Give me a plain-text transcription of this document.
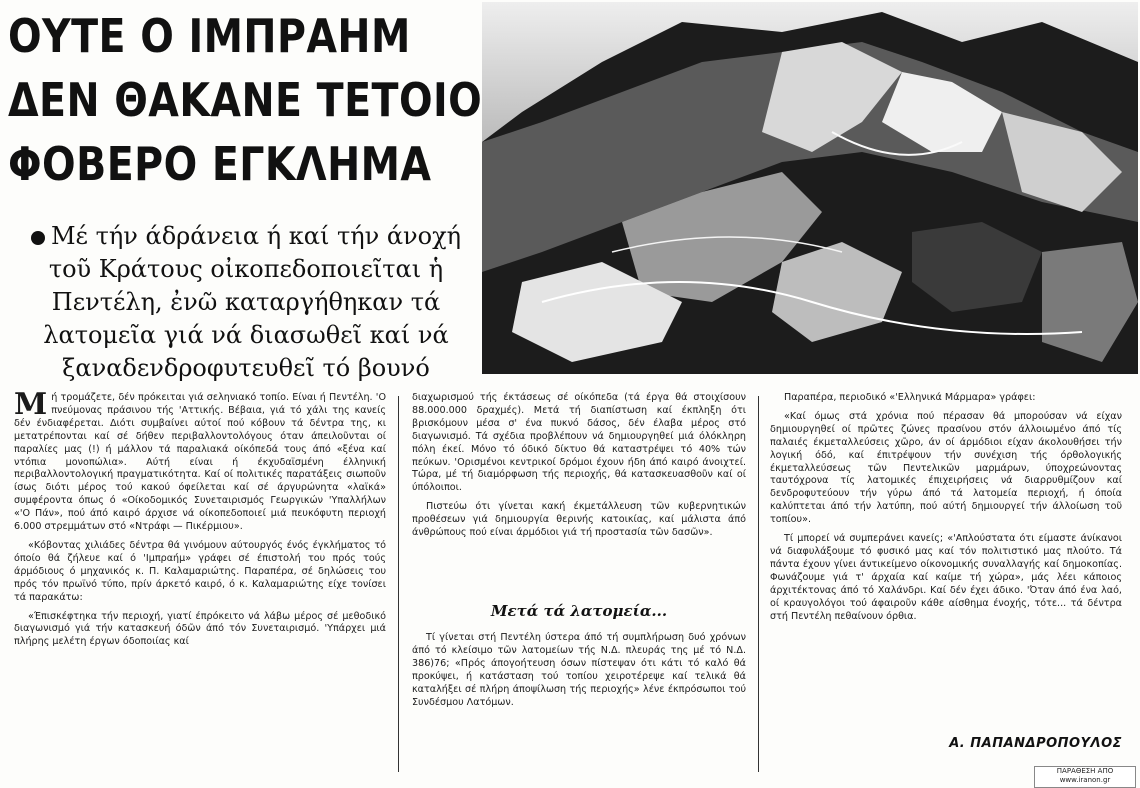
ΟΥΤΕ Ο ΙΜΠΡΑΗΜ
ΔΕΝ ΘΑΚΑΝΕ ΤΕΤΟΙΟ
ΦΟΒΕΡΟ ΕΓΚΛΗΜΑ
Μέ τήν άδράνεια ή καί τήν άνοχή τοῦ Κράτους οἰκοπεδοποιεῖται ἡ Πεντέλη, ἐνῶ καταργήθηκαν τά λατομεῖα γιά νά διασωθεῖ καί νά ξαναδενδροφυτευθεῖ τό βουνό

Μή τρομάζετε, δέν πρόκειται γιά σεληνιακό τοπίο. Είναι ή Πεντέλη. 'Ο πνεύμονας πράσινου τής 'Αττικής. Βέβαια, γιά τό χάλι της κανείς δέν ένδιαφέρεται. Διότι συμβαίνει αύτοί πού κόβουν τά δέντρα της, κι μετατρέπονται καί σέ δήθεν περιβαλλοντολόγους όταν άπειλοῦνται οί παραλίες μας (!) ή μάλλον τά παραλιακά οίκόπεδά τους άπό «ξένα καί ντόπια μονοπώλια». Αύτή είναι ή έκχυδαϊσμένη έλληνική περιβαλλοντολογική πραγματικότητα. Καί οί πολιτικές παρατάξεις σιωποῦν ίσως διότι μέρος τού κακού όφείλεται καί σέ άργυρώνητα «λαϊκά» συμφέροντα όπως ό «Οίκοδομικός Συνεταιρισμός Γεωργικών 'Υπαλλήλων «'Ο Πάν», πού άπό καιρό άρχισε νά οίκοπεδοποιεί μιά πευκόφυτη περιοχή 6.000 στρεμμάτων στό «Ντράφι — Πικέρμιου».

«Κόβοντας χιλιάδες δέντρα θά γινόμουν αύτουργός ένός έγκλήματος τό όποίο θά ζήλευε καί ό 'Ιμπραήμ» γράφει σέ έπιστολή του πρός τούς άρμόδιους ό μηχανικός κ. Π. Καλαμαριώτης. Παραπέρα, σέ δηλώσεις του πρός τόν πρωϊνό τύπο, πρίν άρκετό καιρό, ό κ. Καλαμαριώτης είχε τονίσει τά παρακάτω:

«Έπισκέφτηκα τήν περιοχή, γιατί έπρόκειτο νά λάβω μέρος σέ μεθοδικό διαγωνισμό γιά τήν κατασκευή όδῶν άπό τόν Συνεταιρισμό. 'Υπάρχει μιά πλήρης μελέτη έργων όδοποιίας καί

διαχωρισμού τής έκτάσεως σέ οίκόπεδα (τά έργα θά στοιχίσουν 88.000.000 δραχμές). Μετά τή διαπίστωση καί έκπληξη ότι βρισκόμουν μέσα σ' ένα πυκνό δάσος, δέν έλαβα μέρος στό διαγωνισμό. Τά σχέδια προβλέπουν νά δημιουργηθεί μιά όλόκληρη πόλη έκεί. Μόνο τό όδικό δίκτυο θά καταστρέψει τό 40% τών πεύκων. 'Ορισμένοι κεντρικοί δρόμοι έχουν ήδη άπό καιρό άνοιχτεί. Τώρα, μέ τή διαμόρφωση τής περιοχής, θά κατασκευασθοῦν καί οί ύπόλοιποι.

Πιστεύω ότι γίνεται κακή έκμετάλλευση τῶν κυβερνητικών προθέσεων γιά δημιουργία θερινής κατοικίας, καί μάλιστα άπό άνθρώπους πού είναι άρμόδιοι γιά τή προστασία τῶν δασῶν».

Μετά τά λατομεία...

Τί γίνεται στή Πεντέλη ύστερα άπό τή συμπλήρωση δυό χρόνων άπό τό κλείσιμο τῶν λατομείων τής Ν.Δ. πλευράς της μέ τό Ν.Δ. 386)76; «Πρός άπογοήτευση όσων πίστεψαν ότι κάτι τό καλό θά προκύψει, ή κατάσταση τού τοπίου χειροτέρεψε καί τελικά θά καταλήξει σέ πλήρη άποψίλωση τής περιοχής» λένε έκπρόσωποι τού Συνδέσμου Λατόμων.

Παραπέρα, περιοδικό «'Ελληνικά Μάρμαρα» γράφει:

«Καί όμως στά χρόνια πού πέρασαν θά μπορούσαν νά είχαν δημιουργηθεί οί πρῶτες ζώνες πρασίνου στόν άλλοιωμένο άπό τίς παλαιές έκμεταλλεύσεις χῶρο, άν οί άρμόδιοι είχαν άκολουθήσει τήν λογική όδό, καί έπιτρέψουν τήν συνέχιση τής όρθολογικής έκμεταλλεύσεως τῶν Πεντελικῶν μαρμάρων, ύποχρεώνοντας ταυτόχρονα τίς λατομικές έπιχειρήσεις νά διαρρυθμίζουν καί δενδροφυτεύουν τήν γύρω άπό τά λατομεία περιοχή, ή όποία καλύπτεται άπό τήν λατύπη, πού αύτή δημιουργεί τήν άλλοίωση τοῦ τοπίου».

Τί μπορεί νά συμπεράνει κανείς; «'Απλούστατα ότι είμαστε άνίκανοι νά διαφυλάξουμε τό φυσικό μας καί τόν πολιτιστικό μας πλούτο. Τά πάντα έχουν γίνει άντικείμενο οίκονομικής συναλλαγής καί δημοκοπίας. Φωνάζουμε γιά τ' άρχαία καί καίμε τή χώρα», μάς λέει κάποιος άρχιτέκτονας άπό τό Χαλάνδρι. Καί δέν έχει άδικο. 'Όταν άπό ένα λαό, οί κραυγολόγοι τού άφαιροῦν κάθε αίσθημα ένοχής, τότε... τά δέντρα στή Πεντέλη πεθαίνουν όρθια.

Α. ΠΑΠΑΝΔΡΟΠΟΥΛΟΣ
ΠΑΡΑΘΕΣΗ ΑΠΟ
www.iranon.gr
